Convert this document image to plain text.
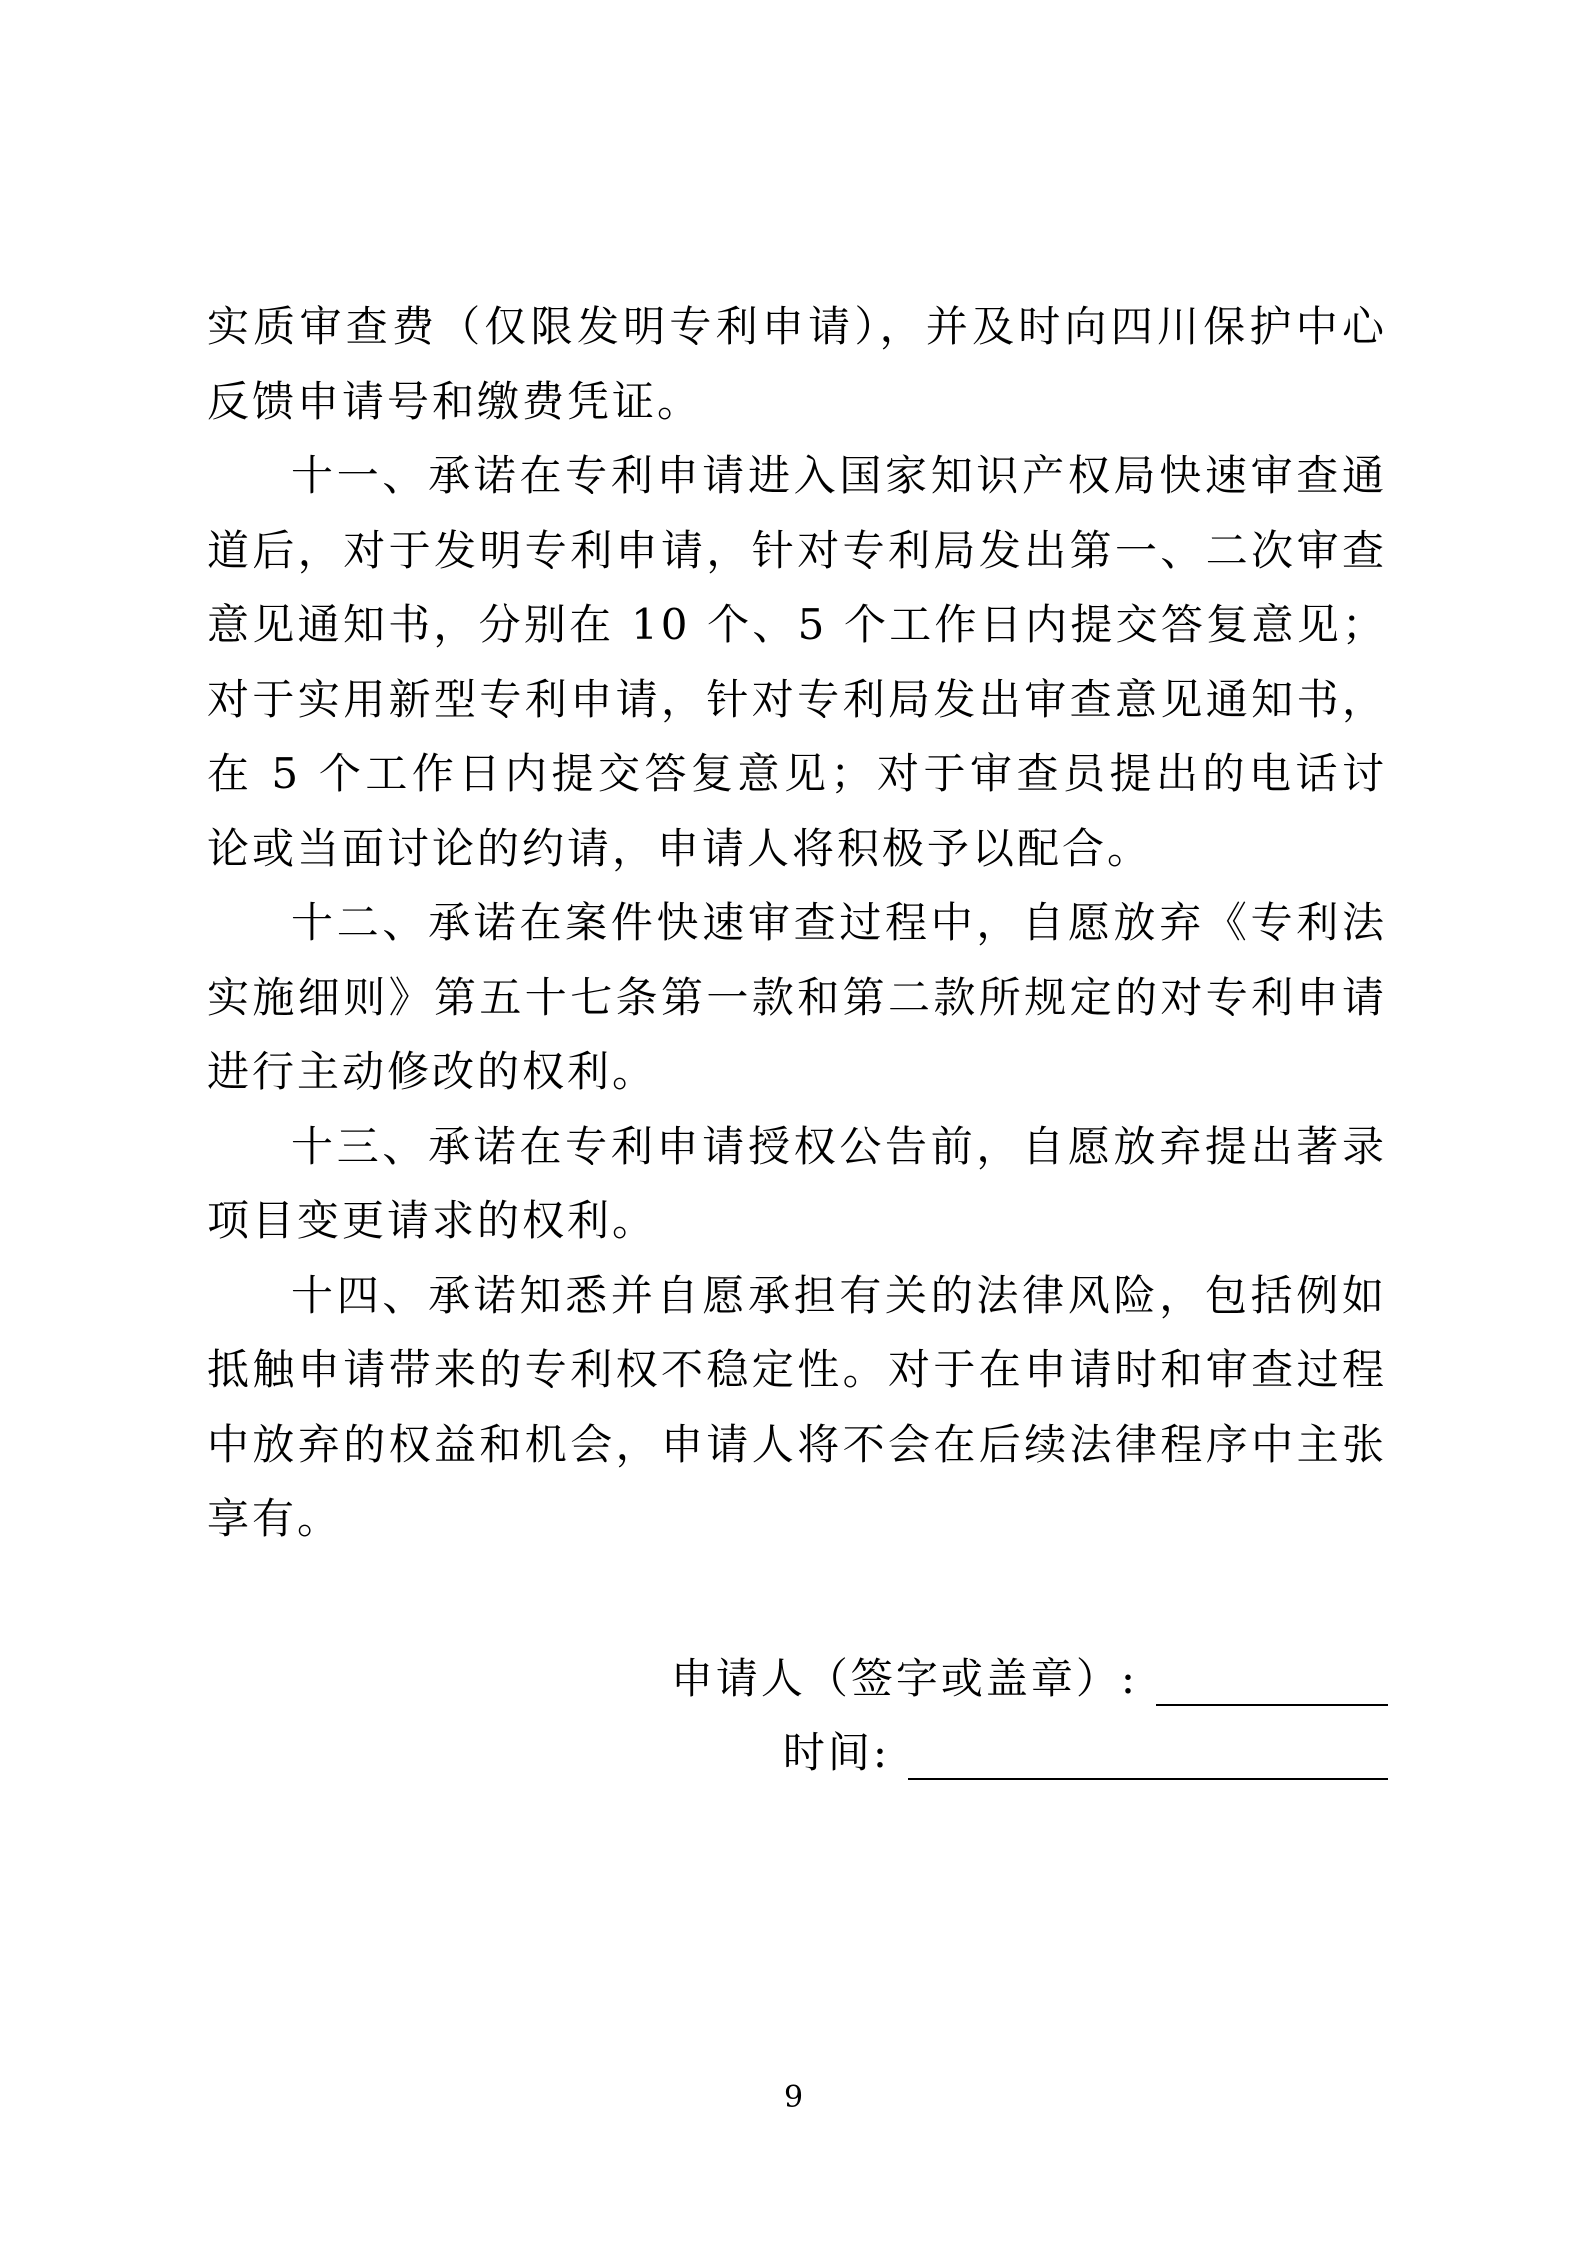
实质审查费（仅限发明专利申请），并及时向四川保护中心反馈申请号和缴费凭证。

十一、承诺在专利申请进入国家知识产权局快速审查通道后，对于发明专利申请，针对专利局发出第一、二次审查意见通知书，分别在 10 个、5 个工作日内提交答复意见；对于实用新型专利申请，针对专利局发出审查意见通知书，在 5 个工作日内提交答复意见；对于审查员提出的电话讨论或当面讨论的约请，申请人将积极予以配合。

十二、承诺在案件快速审查过程中，自愿放弃《专利法实施细则》第五十七条第一款和第二款所规定的对专利申请进行主动修改的权利。

十三、承诺在专利申请授权公告前，自愿放弃提出著录项目变更请求的权利。

十四、承诺知悉并自愿承担有关的法律风险，包括例如抵触申请带来的专利权不稳定性。对于在申请时和审查过程中放弃的权益和机会，申请人将不会在后续法律程序中主张享有。

申请人（签字或盖章）:
时间:
9
